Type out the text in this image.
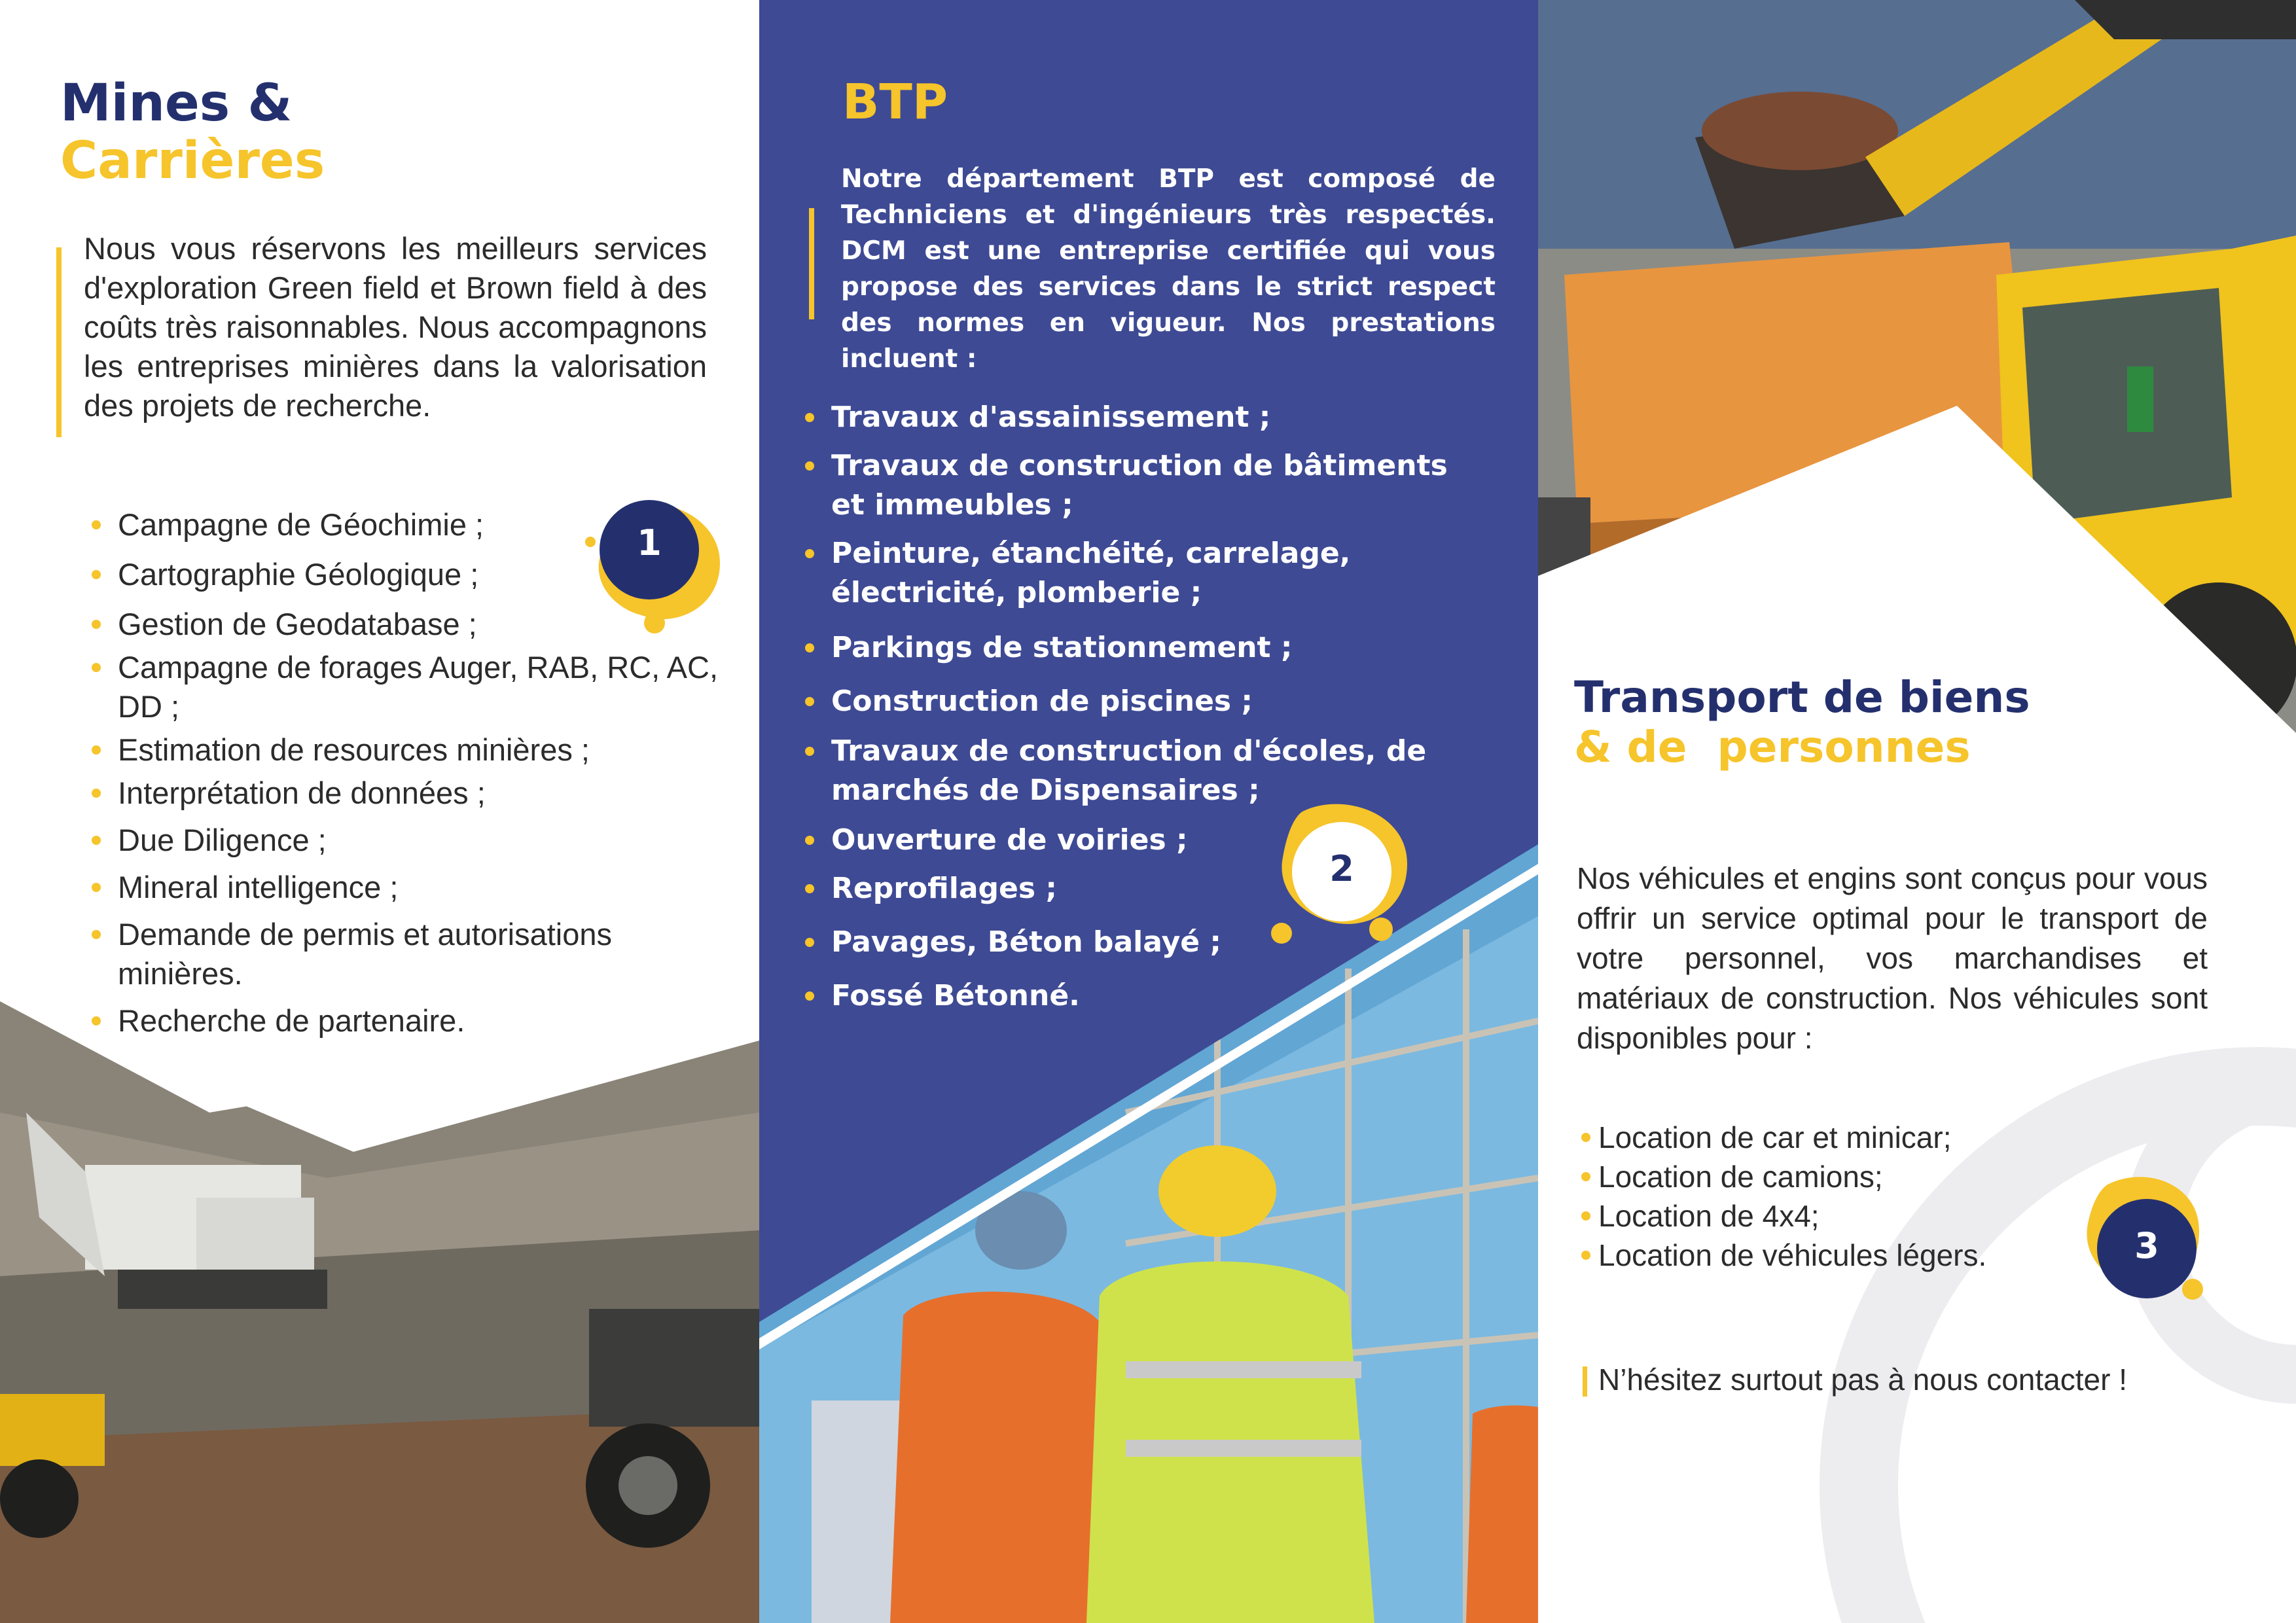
Mines &
Carrières
Nous vous réservons les meilleurs services d'exploration Green field et Brown field à des coûts très raisonnables. Nous accompagnons les entreprises minières dans la valorisation des projets de recherche.
Campagne de Géochimie ;
Cartographie Géologique ;
Gestion de Geodatabase ;
Campagne de forages Auger, RAB, RC, AC, DD ;
Estimation de resources minières ;
Interprétation de données ;
Due Diligence ;
Mineral intelligence ;
Demande de permis et autorisations minières.
Recherche de partenaire.
1
BTP
Notre département BTP est composé de Techniciens et d'ingénieurs très respectés. DCM est une entreprise certifiée qui vous propose des services dans le strict respect des normes en vigueur. Nos prestations incluent :
Travaux d'assainissement ;
Travaux de construction de bâtiments et immeubles ;
Peinture, étanchéité, carrelage, électricité, plomberie ;
Parkings de stationnement ;
Construction de piscines ;
Travaux de construction d'écoles, de marchés de Dispensaires ;
Ouverture de voiries ;
Reprofilages ;
Pavages, Béton balayé ;
Fossé Bétonné.
2
Transport de biens
& de  personnes
Nos véhicules et engins sont conçus pour vous offrir un service optimal pour le transport de votre personnel, vos marchandises et matériaux de construction. Nos véhicules sont disponibles pour :
Location de car et minicar;
Location de camions;
Location de 4x4;
Location de véhicules légers.	3
N’hésitez surtout pas à nous contacter !
